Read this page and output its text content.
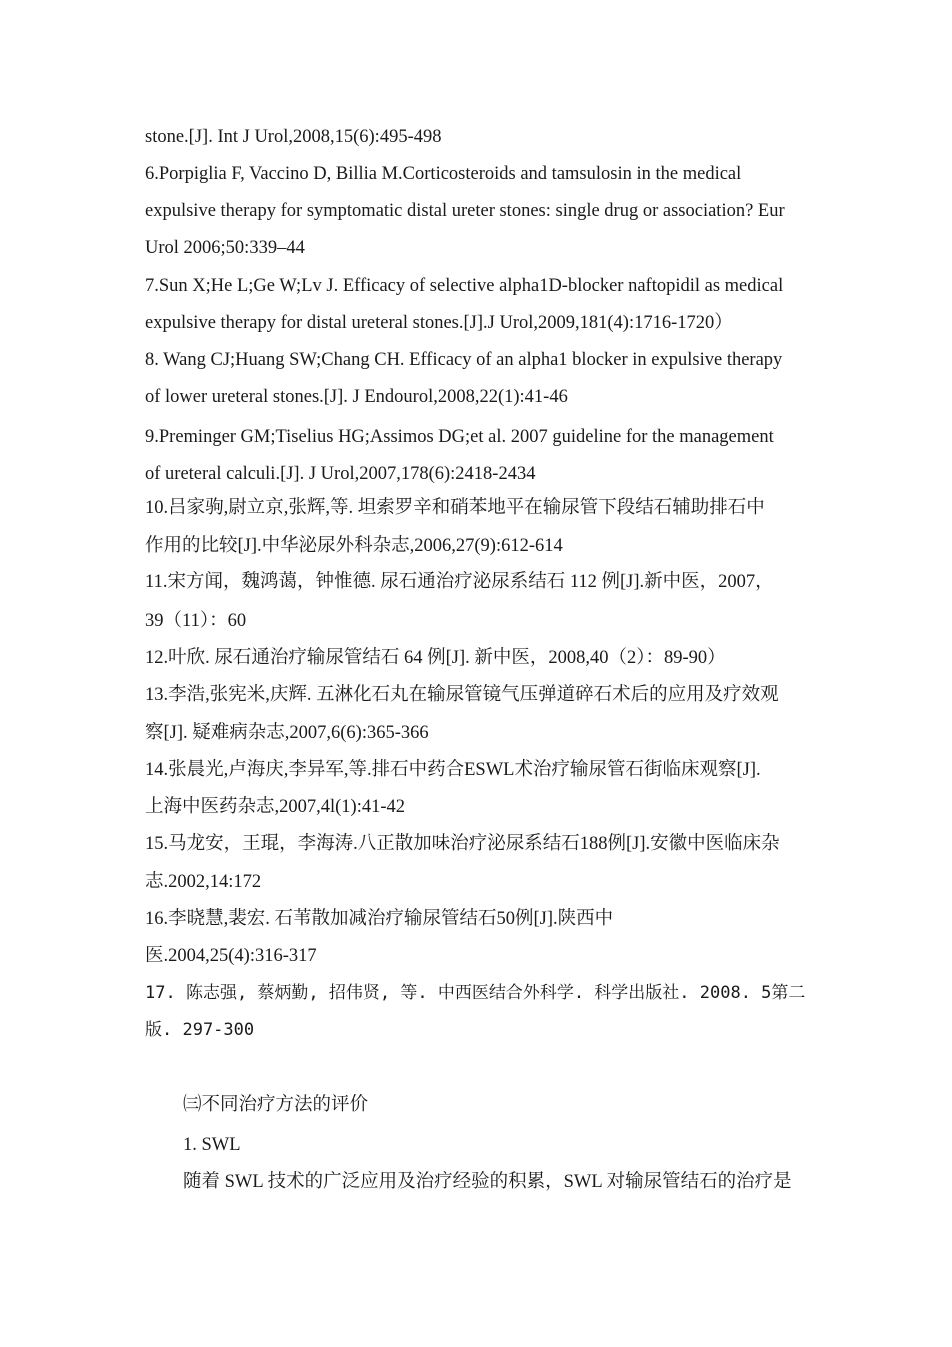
stone.[J]. Int J Urol,2008,15(6):495-498
6.Porpiglia F, Vaccino D, Billia M.Corticosteroids and tamsulosin in the medical
expulsive therapy for symptomatic distal ureter stones: single drug or association? Eur
Urol 2006;50:339–44
7.Sun X;He L;Ge W;Lv J. Efficacy of selective alpha1D-blocker naftopidil as medical
expulsive therapy for distal ureteral stones.[J].J Urol,2009,181(4):1716-1720）
8. Wang CJ;Huang SW;Chang CH. Efficacy of an alpha1 blocker in expulsive therapy
of lower ureteral stones.[J]. J Endourol,2008,22(1):41-46
9.Preminger GM;Tiselius HG;Assimos DG;et al. 2007 guideline for the management
of ureteral calculi.[J]. J Urol,2007,178(6):2418-2434
10.吕家驹,尉立京,张辉,等. 坦索罗辛和硝苯地平在输尿管下段结石辅助排石中
作用的比较[J].中华泌尿外科杂志,2006,27(9):612-614
11.宋方闻，魏鸿蔼，钟惟德. 尿石通治疗泌尿系结石 112 例[J].新中医，2007，
39（11）：60
12.叶欣. 尿石通治疗输尿管结石 64 例[J]. 新中医，2008,40（2）：89-90）
13.李浩,张宪米,庆辉. 五淋化石丸在输尿管镜气压弹道碎石术后的应用及疗效观
察[J]. 疑难病杂志,2007,6(6):365-366
14.张晨光,卢海庆,李异军,等.排石中药合ESWL术治疗输尿管石街临床观察[J].
上海中医药杂志,2007,4l(1):41-42
15.马龙安，王琨，李海涛.八正散加味治疗泌尿系结石188例[J].安徽中医临床杂
志.2002,14:172
16.李晓慧,裴宏. 石苇散加减治疗输尿管结石50例[J].陕西中
医.2004,25(4):316-317
17. 陈志强, 蔡炳勤, 招伟贤, 等. 中西医结合外科学. 科学出版社. 2008. 5第二
版. 297-300
㈢不同治疗方法的评价
1. SWL
随着 SWL 技术的广泛应用及治疗经验的积累，SWL 对输尿管结石的治疗是
